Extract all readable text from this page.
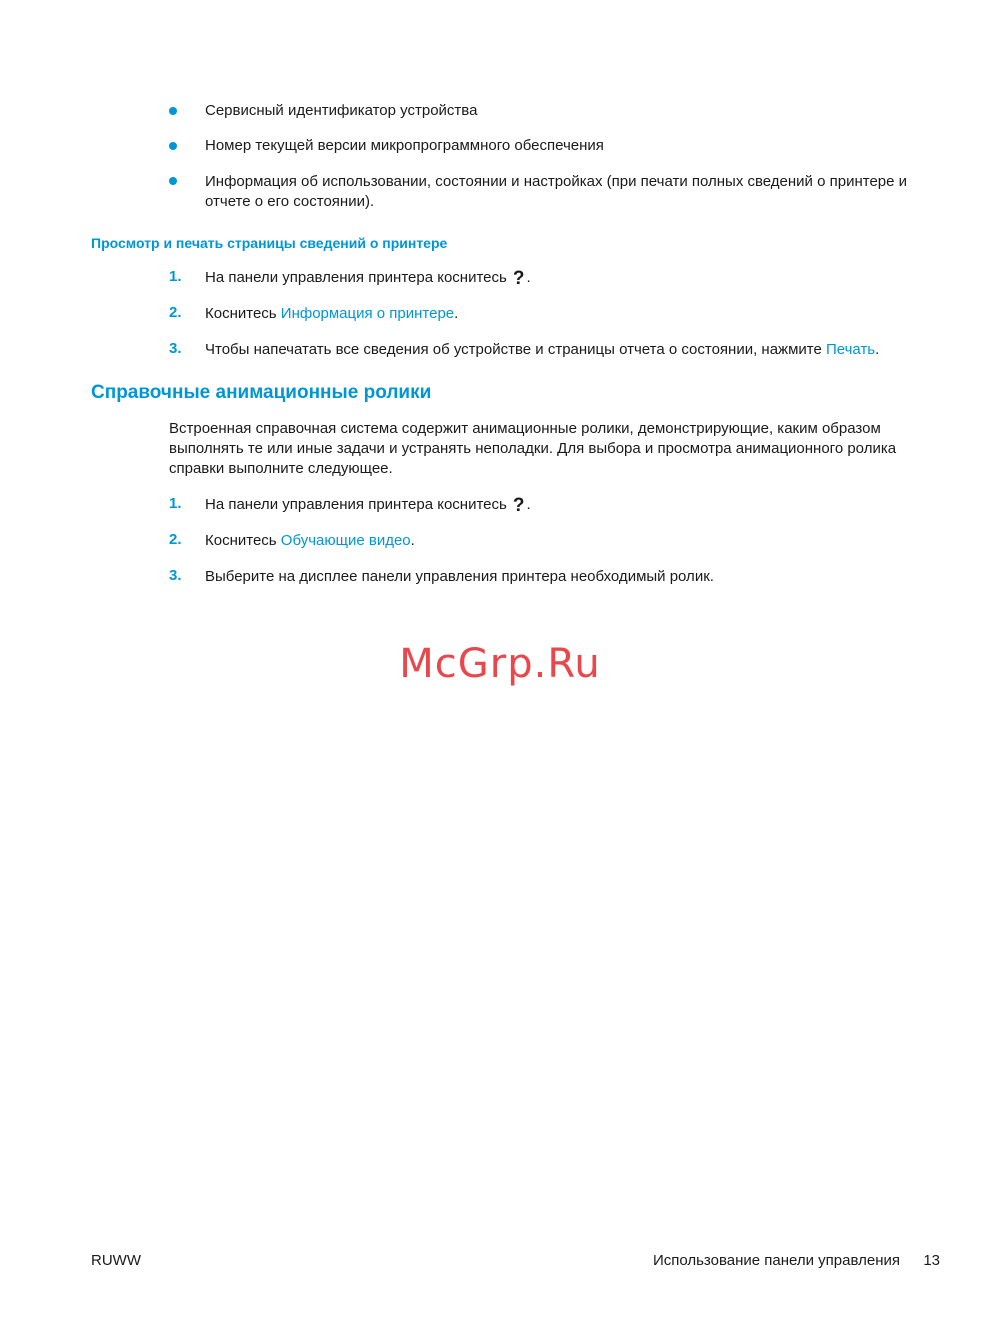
Сервисный идентификатор устройства
Номер текущей версии микропрограммного обеспечения
Информация об использовании, состоянии и настройках (при печати полных сведений о принтере и отчете о его состоянии).
Просмотр и печать страницы сведений о принтере
1. На панели управления принтера коснитесь ? .
2. Коснитесь Информация о принтере.
3. Чтобы напечатать все сведения об устройстве и страницы отчета о состоянии, нажмите Печать.
Справочные анимационные ролики
Встроенная справочная система содержит анимационные ролики, демонстрирующие, каким образом выполнять те или иные задачи и устранять неполадки. Для выбора и просмотра анимационного ролика справки выполните следующее.
1. На панели управления принтера коснитесь ? .
2. Коснитесь Обучающие видео.
3. Выберите на дисплее панели управления принтера необходимый ролик.
McGrp.Ru
RUWW	Использование панели управления 13
